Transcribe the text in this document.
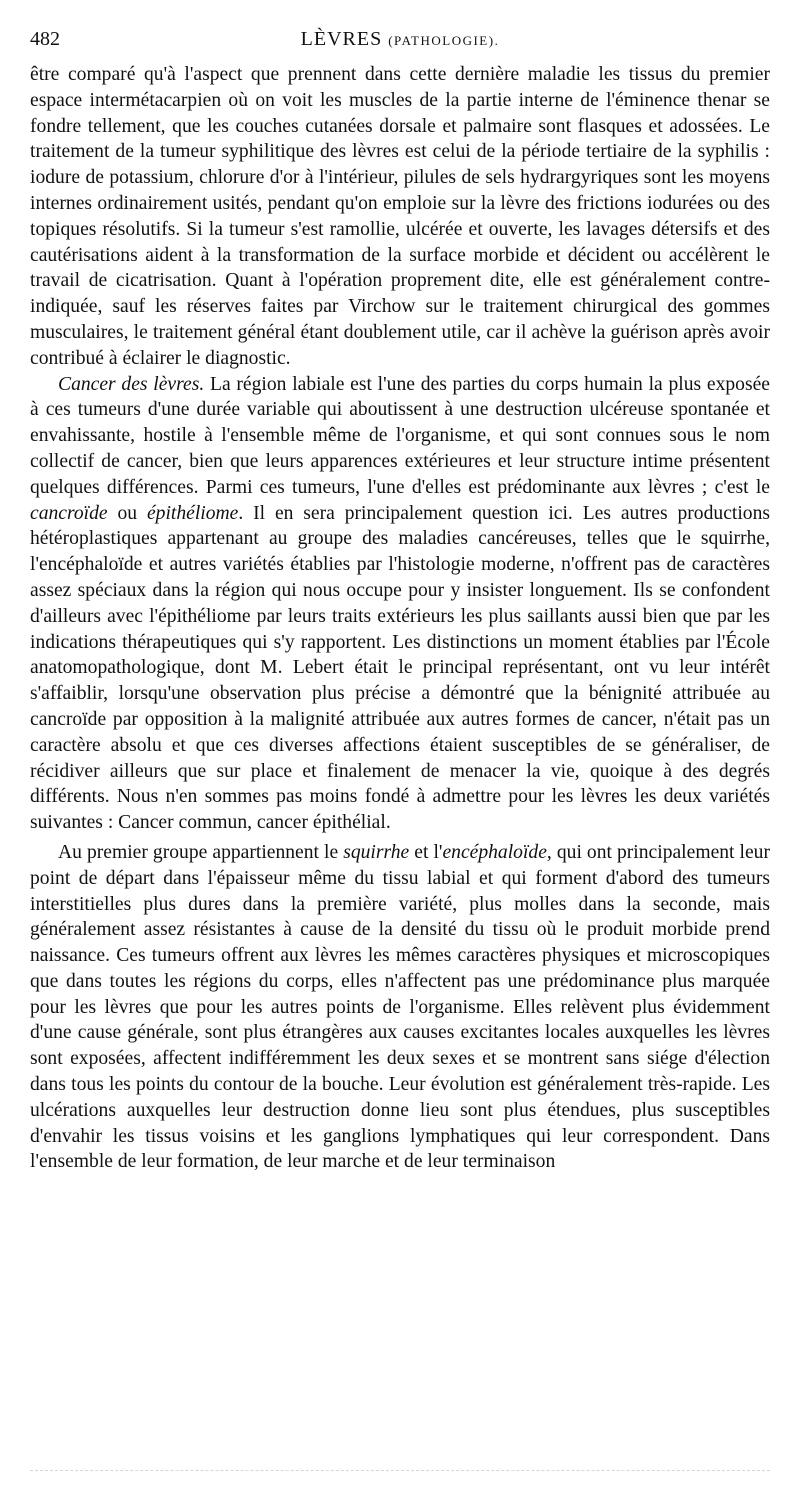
482	LÈVRES (PATHOLOGIE).

être comparé qu'à l'aspect que prennent dans cette dernière maladie les tissus du premier espace intermétacarpien où on voit les muscles de la partie interne de l'éminence thenar se fondre tellement, que les couches cutanées dorsale et palmaire sont flasques et adossées. Le traitement de la tumeur syphilitique des lèvres est celui de la période tertiaire de la syphilis : iodure de potassium, chlorure d'or à l'intérieur, pilules de sels hydrargyriques sont les moyens internes ordinairement usités, pendant qu'on emploie sur la lèvre des frictions iodurées ou des topiques résolutifs. Si la tumeur s'est ramollie, ulcérée et ouverte, les lavages détersifs et des cautérisations aident à la transformation de la surface morbide et décident ou accélèrent le travail de cicatrisation. Quant à l'opération proprement dite, elle est généralement contre-indiquée, sauf les réserves faites par Virchow sur le traitement chirurgical des gommes musculaires, le traitement général étant doublement utile, car il achève la guérison après avoir contribué à éclairer le diagnostic.

Cancer des lèvres. La région labiale est l'une des parties du corps humain la plus exposée à ces tumeurs d'une durée variable qui aboutissent à une destruction ulcéreuse spontanée et envahissante, hostile à l'ensemble même de l'organisme, et qui sont connues sous le nom collectif de cancer, bien que leurs apparences extérieures et leur structure intime présentent quelques différences. Parmi ces tumeurs, l'une d'elles est prédominante aux lèvres ; c'est le cancroïde ou épithéliome. Il en sera principalement question ici. Les autres productions hétéroplastiques appartenant au groupe des maladies cancéreuses, telles que le squirrhe, l'encéphaloïde et autres variétés établies par l'histologie moderne, n'offrent pas de caractères assez spéciaux dans la région qui nous occupe pour y insister longuement. Ils se confondent d'ailleurs avec l'épithéliome par leurs traits extérieurs les plus saillants aussi bien que par les indications thérapeutiques qui s'y rapportent. Les distinctions un moment établies par l'École anatomopathologique, dont M. Lebert était le principal représentant, ont vu leur intérêt s'affaiblir, lorsqu'une observation plus précise a démontré que la bénignité attribuée au cancroïde par opposition à la malignité attribuée aux autres formes de cancer, n'était pas un caractère absolu et que ces diverses affections étaient susceptibles de se généraliser, de récidiver ailleurs que sur place et finalement de menacer la vie, quoique à des degrés différents. Nous n'en sommes pas moins fondé à admettre pour les lèvres les deux variétés suivantes : Cancer commun, cancer épithélial.

Au premier groupe appartiennent le squirrhe et l'encéphaloïde, qui ont principalement leur point de départ dans l'épaisseur même du tissu labial et qui forment d'abord des tumeurs interstitielles plus dures dans la première variété, plus molles dans la seconde, mais généralement assez résistantes à cause de la densité du tissu où le produit morbide prend naissance. Ces tumeurs offrent aux lèvres les mêmes caractères physiques et microscopiques que dans toutes les régions du corps, elles n'affectent pas une prédominance plus marquée pour les lèvres que pour les autres points de l'organisme. Elles relèvent plus évidemment d'une cause générale, sont plus étrangères aux causes excitantes locales auxquelles les lèvres sont exposées, affectent indifféremment les deux sexes et se montrent sans siége d'élection dans tous les points du contour de la bouche. Leur évolution est généralement très-rapide. Les ulcérations auxquelles leur destruction donne lieu sont plus étendues, plus susceptibles d'envahir les tissus voisins et les ganglions lymphatiques qui leur correspondent. Dans l'ensemble de leur formation, de leur marche et de leur terminaison
